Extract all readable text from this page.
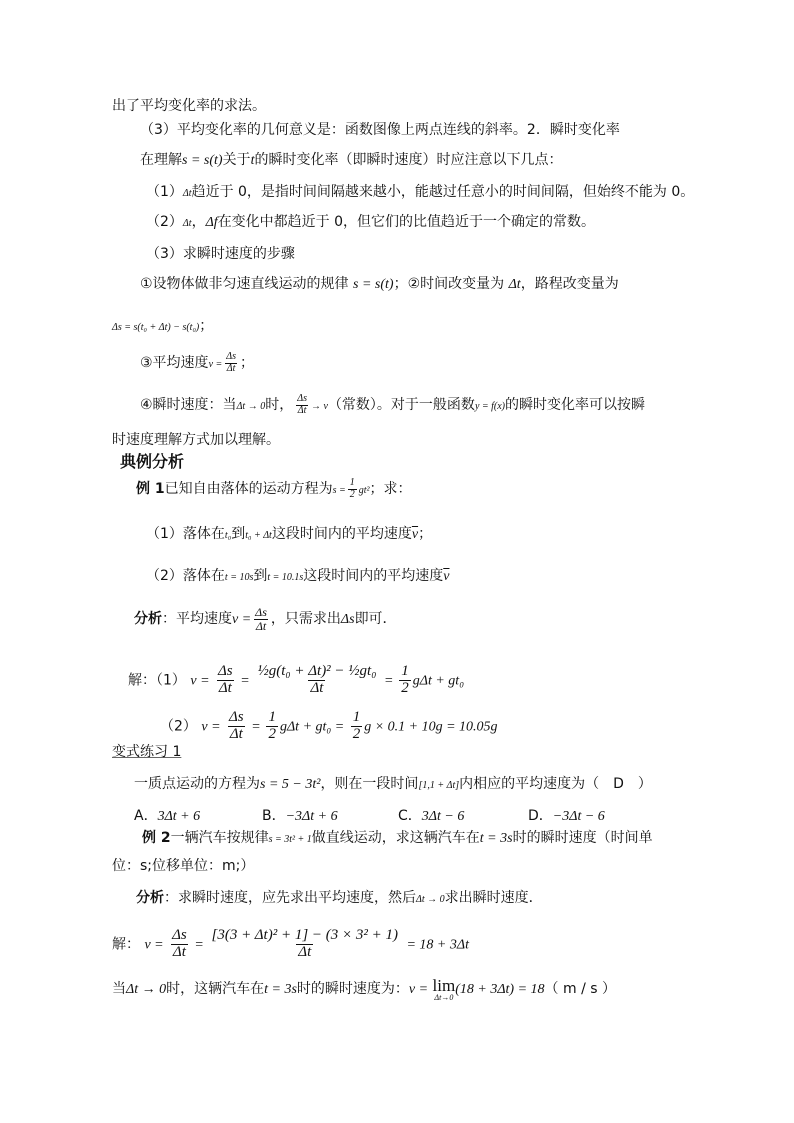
出了平均变化率的求法。
（3）平均变化率的几何意义是：函数图像上两点连线的斜率。2．瞬时变化率
在理解s = s(t)关于t的瞬时变化率（即瞬时速度）时应注意以下几点：
（1）Δt趋近于 0，是指时间间隔越来越小，能越过任意小的时间间隔，但始终不能为 0。
（2）Δt，Δf在变化中都趋近于 0，但它们的比值趋近于一个确定的常数。
（3）求瞬时速度的步骤
①设物体做非匀速直线运动的规律 s = s(t)；②时间改变量为 Δt，路程改变量为
Δs = s(t₀ + Δt) − s(t₀)；
③平均速度$v = \frac{\Delta s}{\Delta t}$ ；
④瞬时速度：当Δt → 0时， $\frac{\Delta s}{\Delta t} \to v$（常数）。对于一般函数y = f(x)的瞬时变化率可以按瞬
时速度理解方式加以理解。
典例分析
例 1已知自由落体的运动方程为$s = \frac{1}{2} gt^2$；求：
（1）落体在t₀到t₀ + Δt这段时间内的平均速度$\overline{v}$；
（2）落体在t = 10s到t = 10.1s这段时间内的平均速度$\overline{v}$
分析：平均速度$v = \frac{\Delta s}{\Delta t}$ ，只需求出Δs即可．
解：（1） $v = \frac{\Delta s}{\Delta t} = \frac{\text{½g(t₀ + Δt)² − ½gt₀}}{\Delta t} = \frac{1}{2}$ gΔt + gt₀
（2） $v = \frac{\Delta s}{\Delta t} = \frac{1}{2}$ $g\Delta t + gt_0 = \frac{1}{2}$ g × 0.1 + 10g = 10.05g
变式练习 1
一质点运动的方程为s = 5 − 3t²，则在一段时间[1,1 + Δt]内相应的平均速度为（　D　）
A．3Δt + 6	B．−3Δt + 6	C．3Δt − 6	D．−3Δt − 6
例 2一辆汽车按规律s = 3t² + 1做直线运动，求这辆汽车在t = 3s时的瞬时速度（时间单
位：s;位移单位：m;）
分析：求瞬时速度，应先求出平均速度，然后Δt → 0求出瞬时速度．
解： $v = \frac{\Delta s}{\Delta t} = \frac{\text{[3(3 + Δt)² + 1] − (3 × 3² + 1)}}{\Delta t} = 18 + 3\Delta t$
当Δt → 0时，这辆汽车在t = 3s时的瞬时速度为：v = lim
Δt→0 (18 + 3Δt) = 18（ m / s ）
